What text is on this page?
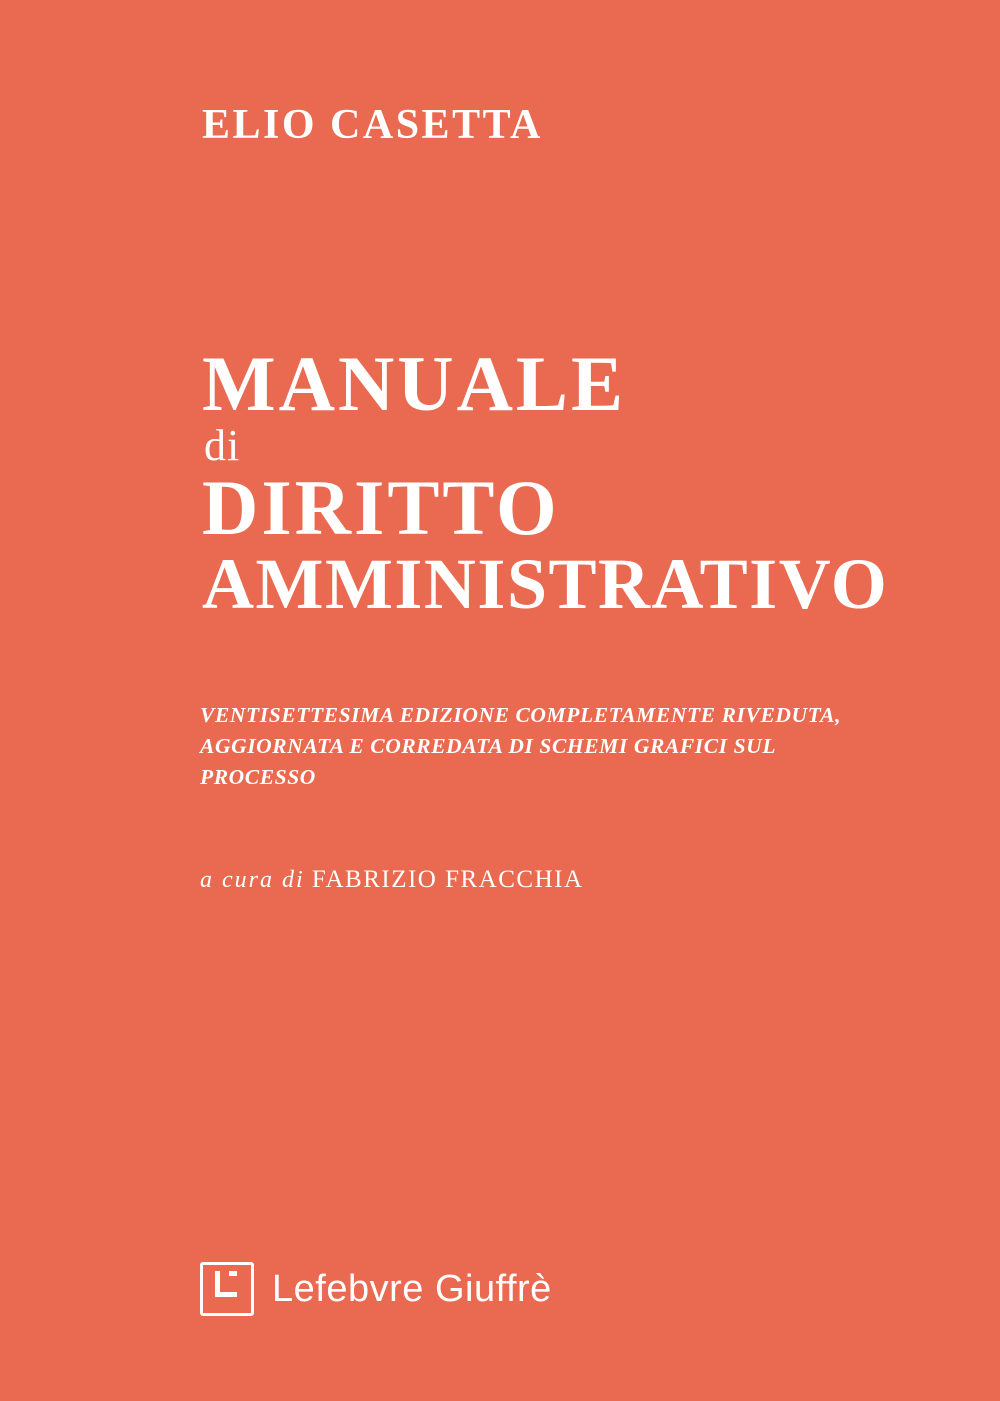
ELIO CASETTA
MANUALE
di
DIRITTO
AMMINISTRATIVO
VENTISETTESIMA EDIZIONE COMPLETAMENTE RIVEDUTA, AGGIORNATA E CORREDATA DI SCHEMI GRAFICI SUL PROCESSO
a cura di FABRIZIO FRACCHIA
Lefebvre Giuffrè
